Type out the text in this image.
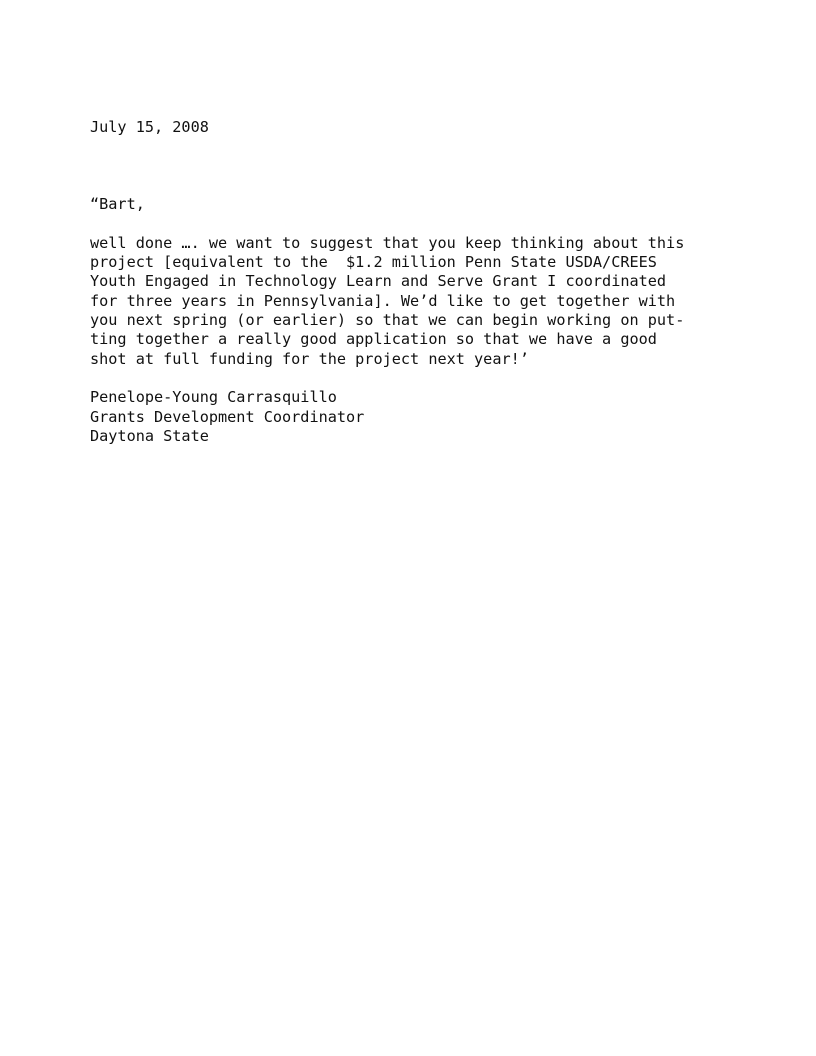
July 15, 2008
“Bart,
well done …. we want to suggest that you keep thinking about this
project [equivalent to the  $1.2 million Penn State USDA/CREES
Youth Engaged in Technology Learn and Serve Grant I coordinated
for three years in Pennsylvania]. We’d like to get together with
you next spring (or earlier) so that we can begin working on put-
ting together a really good application so that we have a good
shot at full funding for the project next year!’
Penelope-Young Carrasquillo
Grants Development Coordinator
Daytona State
